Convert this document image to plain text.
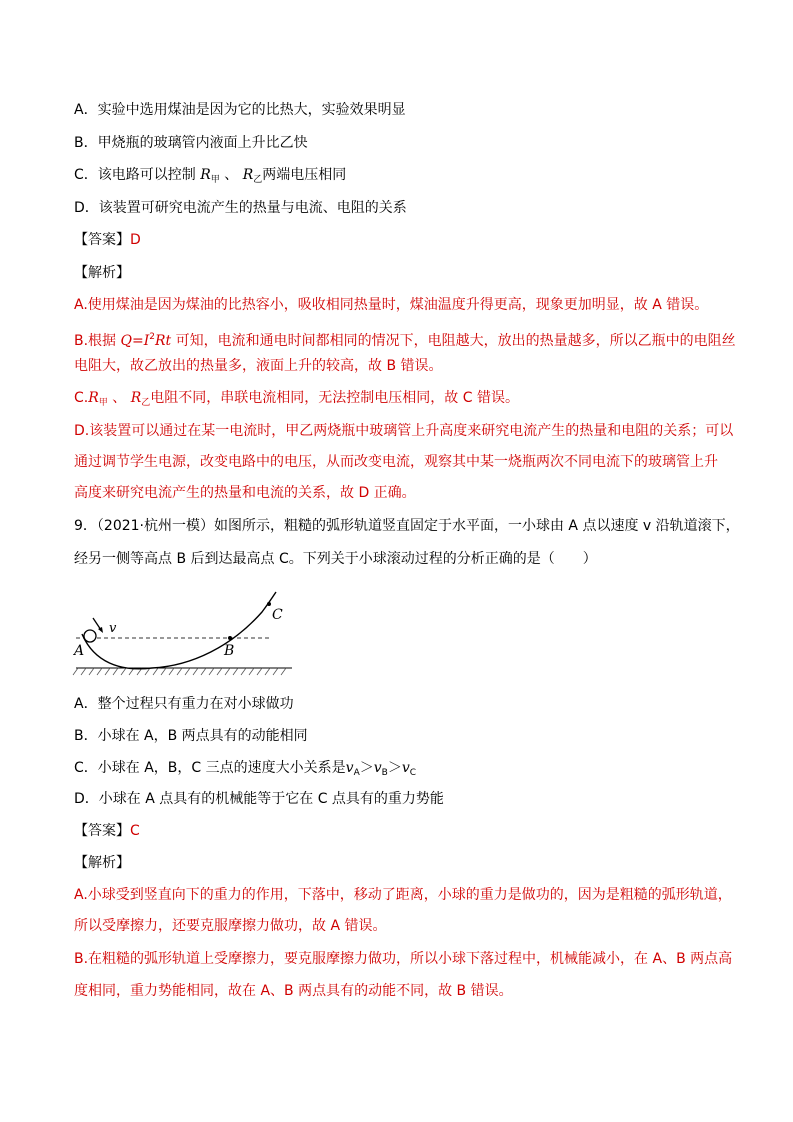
A．实验中选用煤油是因为它的比热大，实验效果明显
B．甲烧瓶的玻璃管内液面上升比乙快
C．该电路可以控制 $R_甲$ 、 $R_乙$两端电压相同
D．该装置可研究电流产生的热量与电流、电阻的关系
【答案】D
【解析】
A.使用煤油是因为煤油的比热容小，吸收相同热量时，煤油温度升得更高，现象更加明显，故 A 错误。
B.根据 $Q=I^2Rt$ 可知，电流和通电时间都相同的情况下，电阻越大，放出的热量越多，所以乙瓶中的电阻丝
电阻大，故乙放出的热量多，液面上升的较高，故 B 错误。
$C.R_甲$ 、 $R_乙$电阻不同，串联电流相同，无法控制电压相同，故 C 错误。
D.该装置可以通过在某一电流时，甲乙两烧瓶中玻璃管上升高度来研究电流产生的热量和电阻的关系；可以
通过调节学生电源，改变电路中的电压，从而改变电流，观察其中某一烧瓶两次不同电流下的玻璃管上升
高度来研究电流产生的热量和电流的关系，故 D 正确。
9．（2021·杭州一模）如图所示，粗糙的弧形轨道竖直固定于水平面，一小球由 A 点以速度 v 沿轨道滚下，
经另一侧等高点 B 后到达最高点 C。下列关于小球滚动过程的分析正确的是（　　）
v
A	B
C
A．整个过程只有重力在对小球做功
B．小球在 A，B 两点具有的动能相同
C．小球在 A，B，C 三点的速度大小关系是$v_A>v_B>v_C$
D．小球在 A 点具有的机械能等于它在 C 点具有的重力势能
【答案】C
【解析】
A.小球受到竖直向下的重力的作用，下落中，移动了距离，小球的重力是做功的，因为是粗糙的弧形轨道，
所以受摩擦力，还要克服摩擦力做功，故 A 错误。
B.在粗糙的弧形轨道上受摩擦力，要克服摩擦力做功，所以小球下落过程中，机械能减小，在 A、B 两点高
度相同，重力势能相同，故在 A、B 两点具有的动能不同，故 B 错误。
